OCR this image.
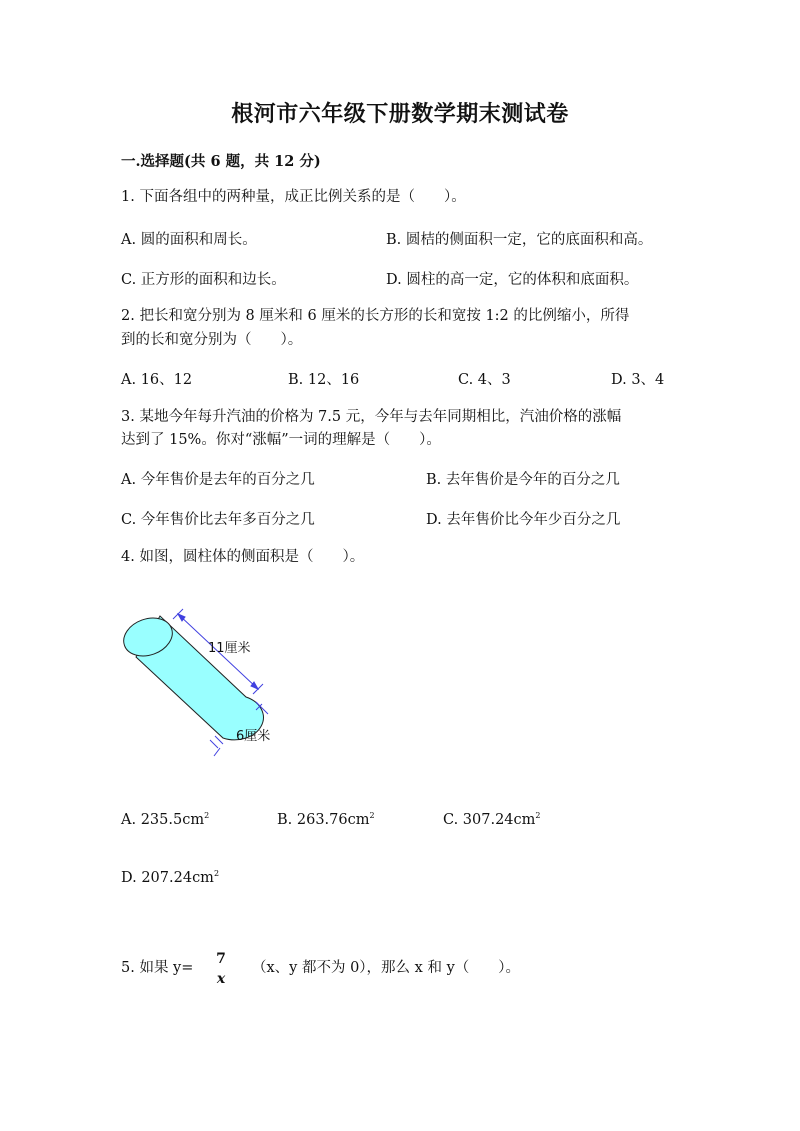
根河市六年级下册数学期末测试卷
一.选择题(共 6 题，共 12 分)
1. 下面各组中的两种量，成正比例关系的是（　　）。
A. 圆的面积和周长。	B. 圆桔的侧面积一定，它的底面积和高。
C. 正方形的面积和边长。	D. 圆柱的高一定，它的体积和底面积。
2. 把长和宽分别为 8 厘米和 6 厘米的长方形的长和宽按 1:2 的比例缩小，所得
到的长和宽分别为（　　）。
A. 16、12	B. 12、16	C. 4、3	D. 3、4
3. 某地今年每升汽油的价格为 7.5 元，今年与去年同期相比，汽油价格的涨幅
达到了 15%。你对“涨幅”一词的理解是（　　）。
A. 今年售价是去年的百分之几	B. 去年售价是今年的百分之几
C. 今年售价比去年多百分之几	D. 去年售价比今年少百分之几
4. 如图，圆柱体的侧面积是（　　）。
11厘米
6厘米
A. $235.5cm^2$	B. $263.76cm^2$	C. $307.24cm^2$
D. $207.24cm^2$
5. 如果 y=
7
x
（x、y 都不为 0），那么 x 和 y（　　）。
